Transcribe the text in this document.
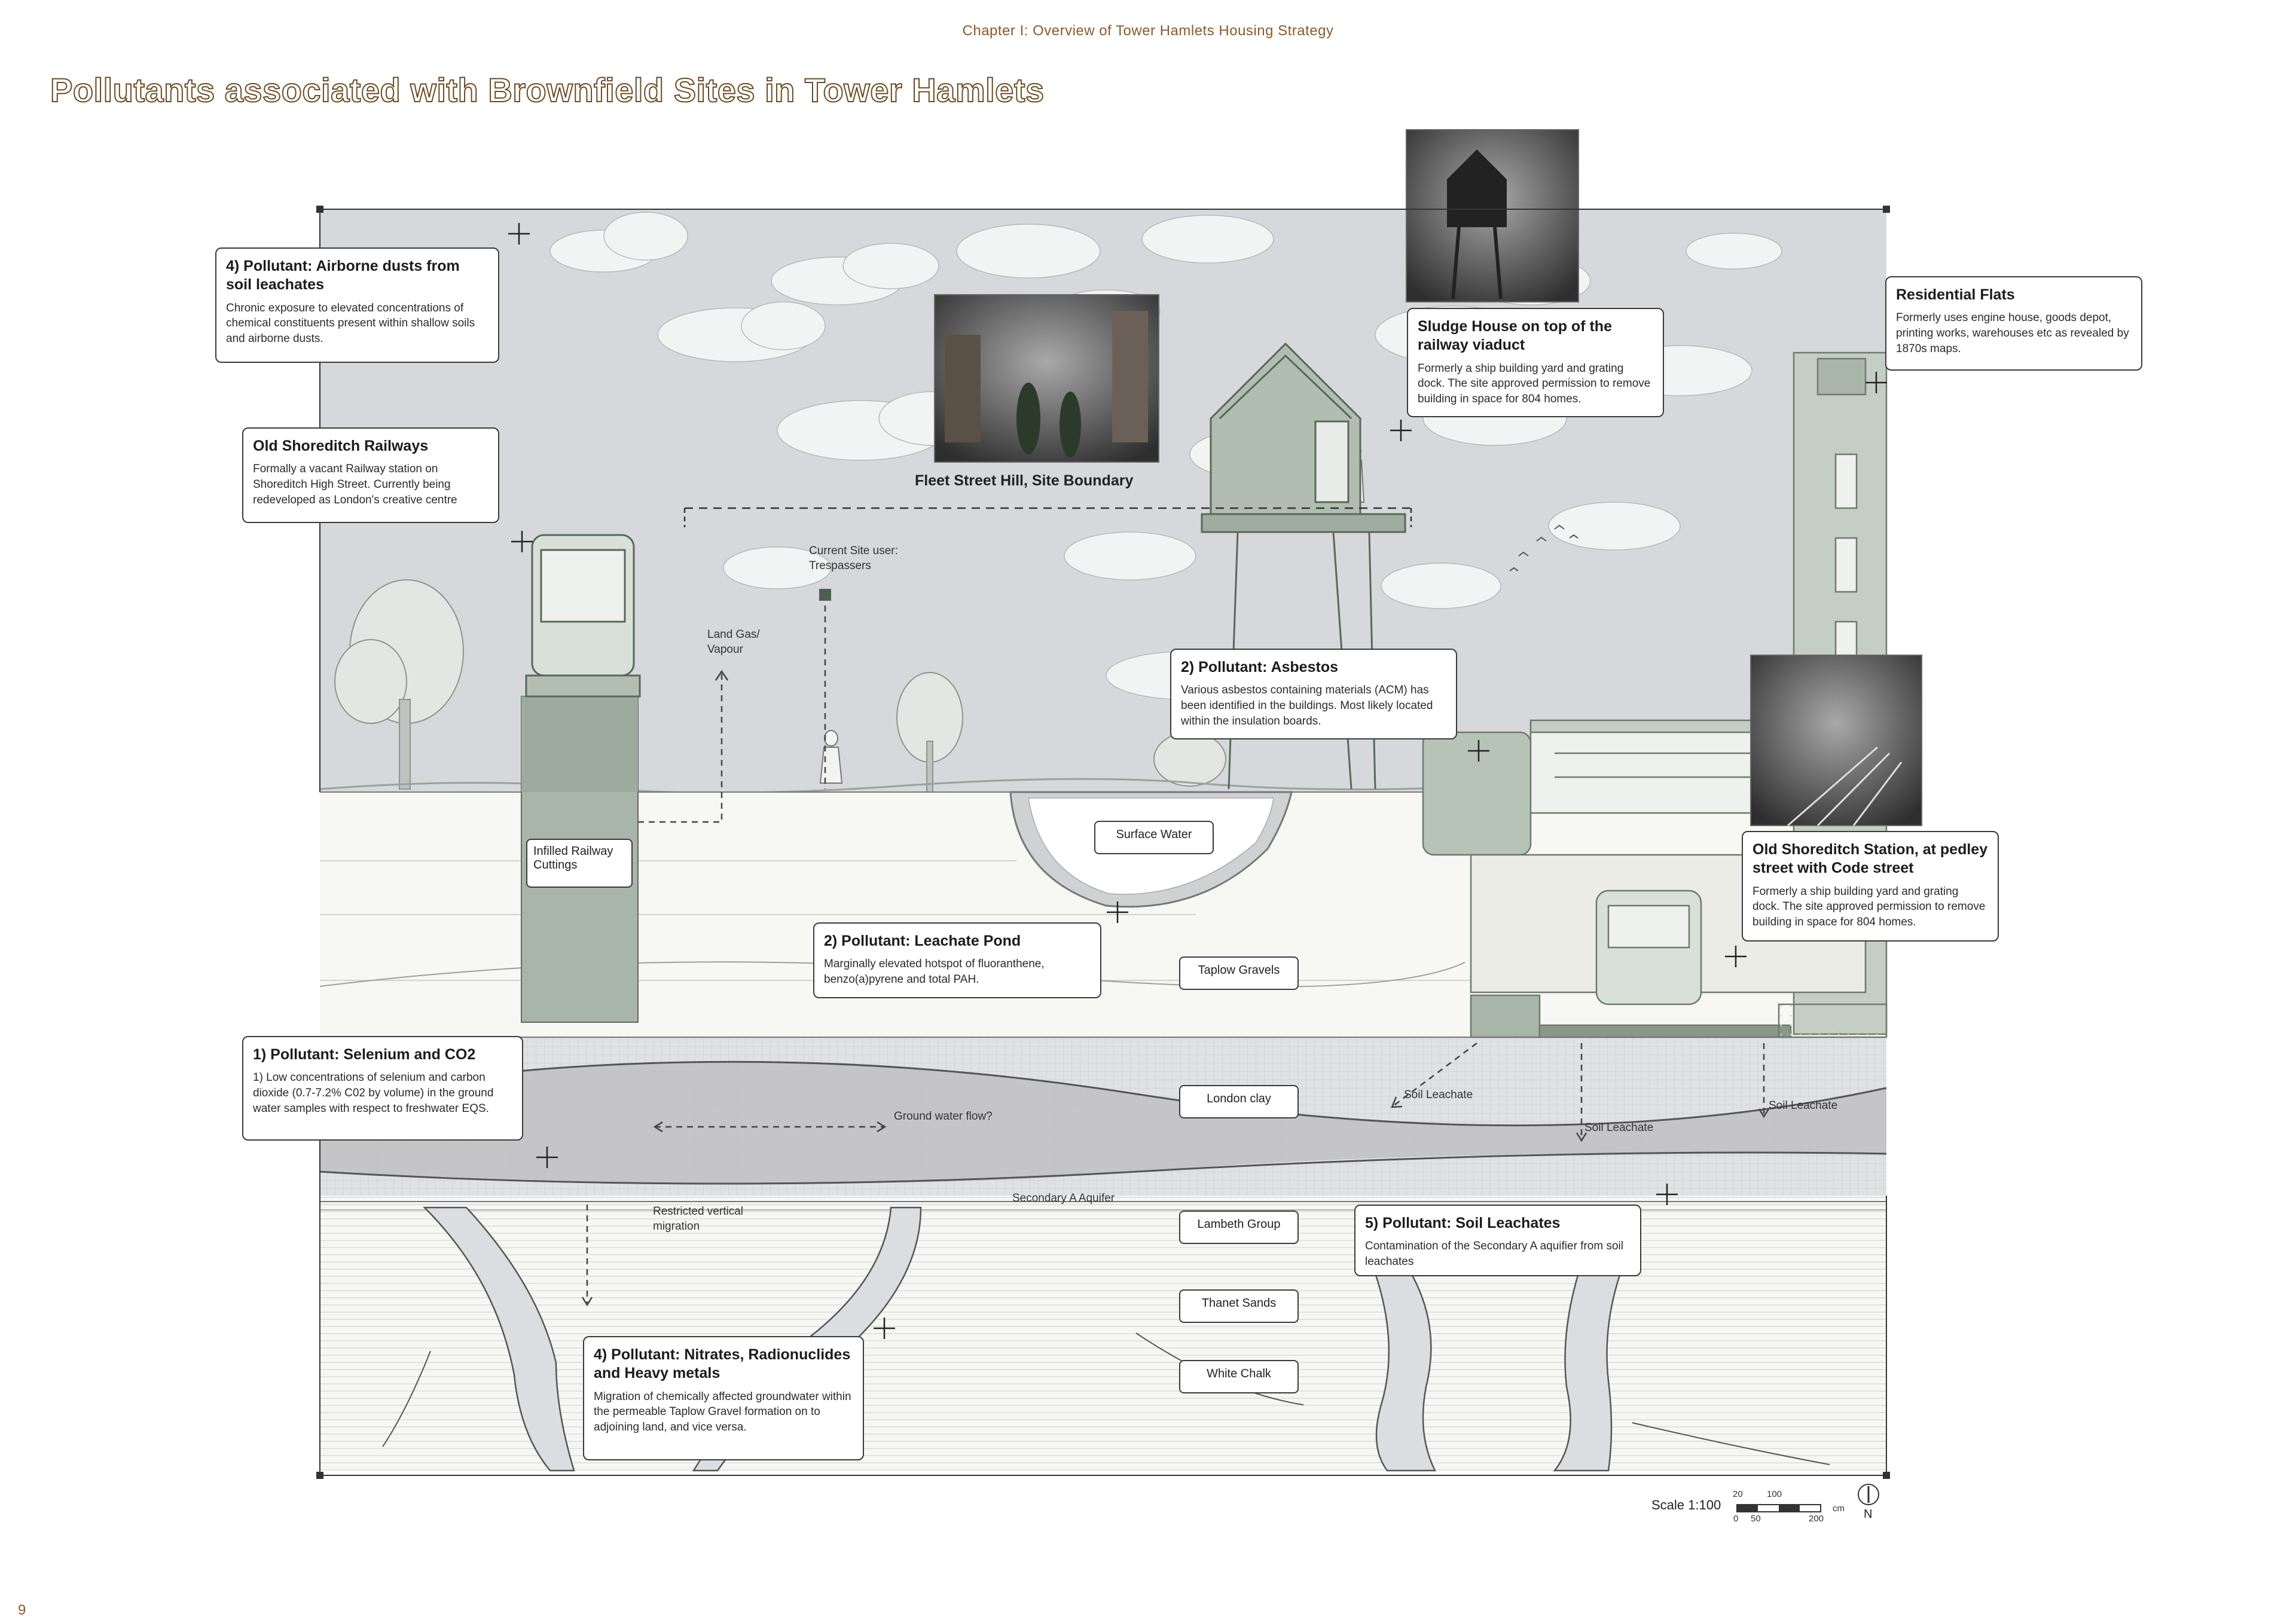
Chapter I: Overview of Tower Hamlets Housing Strategy
Pollutants associated with Brownfield Sites in Tower Hamlets
4) Pollutant: Airborne dusts from soil leachates
Chronic exposure to elevated concentrations of chemical constituents present within shallow soils and airborne dusts.
Old Shoreditch Railways
Formally a vacant Railway station on Shoreditch High Street. Currently being redeveloped as London's creative centre
Sludge House on top of the railway viaduct
Formerly a ship building yard and grating dock. The site approved permission to remove building in space for 804 homes.
Residential Flats
Formerly uses engine house, goods depot, printing works, warehouses etc as revealed by 1870s maps.
2) Pollutant: Asbestos
Various asbestos containing materials (ACM) has been identified in the buildings. Most likely located within the insulation boards.
Old Shoreditch Station, at pedley street with Code street
Formerly a ship building yard and grating dock. The site approved permission to remove building in space for 804 homes.
2) Pollutant: Leachate Pond
Marginally elevated hotspot of fluoranthene, benzo(a)pyrene and total PAH.
1) Pollutant: Selenium and CO2
1) Low concentrations of selenium and carbon dioxide (0.7-7.2% C02 by volume) in the ground water samples with respect to freshwater EQS.
5) Pollutant: Soil Leachates
Contamination of the Secondary A aquifier from soil leachates
4) Pollutant: Nitrates, Radionuclides and Heavy metals
Migration of chemically affected groundwater within the permeable Taplow Gravel formation on to adjoining land, and vice versa.
Surface Water
Infilled Railway Cuttings
Taplow Gravels
London clay
Lambeth Group
Thanet Sands
White Chalk
Fleet Street Hill, Site Boundary
Current Site user: Trespassers
Land Gas/ Vapour
Ground water flow?
Restricted vertical migration
Secondary A Aquifer
Soil Leachate
Soil Leachate
Soil Leachate
Scale 1:100
20	100
0 50	200
cm N
9
